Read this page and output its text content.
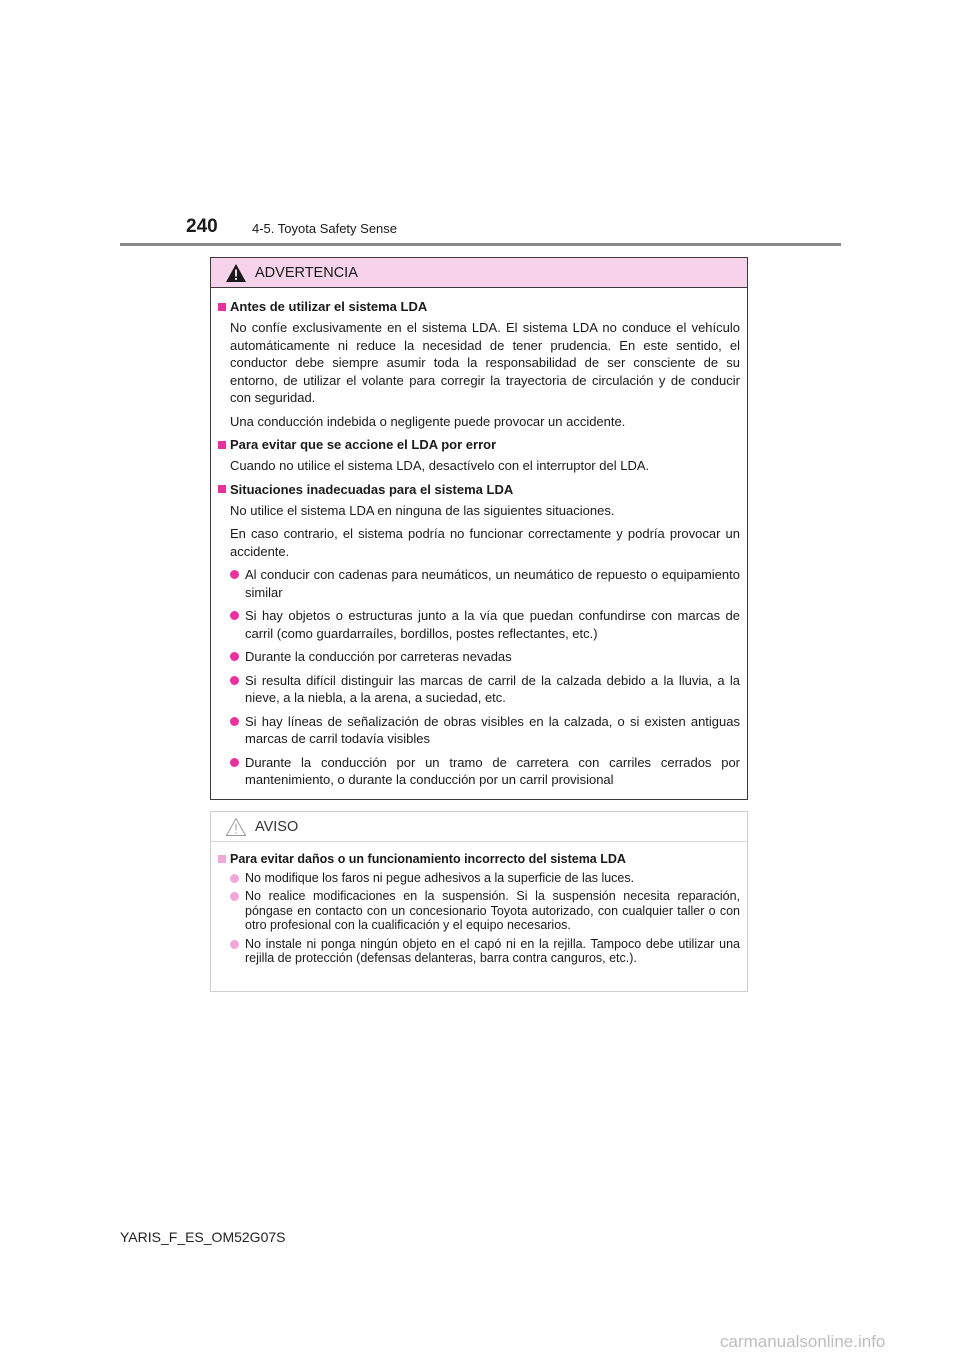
240	4-5. Toyota Safety Sense
ADVERTENCIA
Antes de utilizar el sistema LDA
No confíe exclusivamente en el sistema LDA. El sistema LDA no conduce el vehículo automáticamente ni reduce la necesidad de tener prudencia. En este sentido, el conductor debe siempre asumir toda la responsabilidad de ser consciente de su entorno, de utilizar el volante para corregir la trayectoria de circulación y de conducir con seguridad.
Una conducción indebida o negligente puede provocar un accidente.
Para evitar que se accione el LDA por error
Cuando no utilice el sistema LDA, desactívelo con el interruptor del LDA.
Situaciones inadecuadas para el sistema LDA
No utilice el sistema LDA en ninguna de las siguientes situaciones.
En caso contrario, el sistema podría no funcionar correctamente y podría provocar un accidente.
Al conducir con cadenas para neumáticos, un neumático de repuesto o equipamiento similar
Si hay objetos o estructuras junto a la vía que puedan confundirse con marcas de carril (como guardarraíles, bordillos, postes reflectantes, etc.)
Durante la conducción por carreteras nevadas
Si resulta difícil distinguir las marcas de carril de la calzada debido a la lluvia, a la nieve, a la niebla, a la arena, a suciedad, etc.
Si hay líneas de señalización de obras visibles en la calzada, o si existen antiguas marcas de carril todavía visibles
Durante la conducción por un tramo de carretera con carriles cerrados por mantenimiento, o durante la conducción por un carril provisional
AVISO
Para evitar daños o un funcionamiento incorrecto del sistema LDA
No modifique los faros ni pegue adhesivos a la superficie de las luces.
No realice modificaciones en la suspensión. Si la suspensión necesita reparación, póngase en contacto con un concesionario Toyota autorizado, con cualquier taller o con otro profesional con la cualificación y el equipo necesarios.
No instale ni ponga ningún objeto en el capó ni en la rejilla. Tampoco debe utilizar una rejilla de protección (defensas delanteras, barra contra canguros, etc.).
YARIS_F_ES_OM52G07S
carmanualsonline.info
